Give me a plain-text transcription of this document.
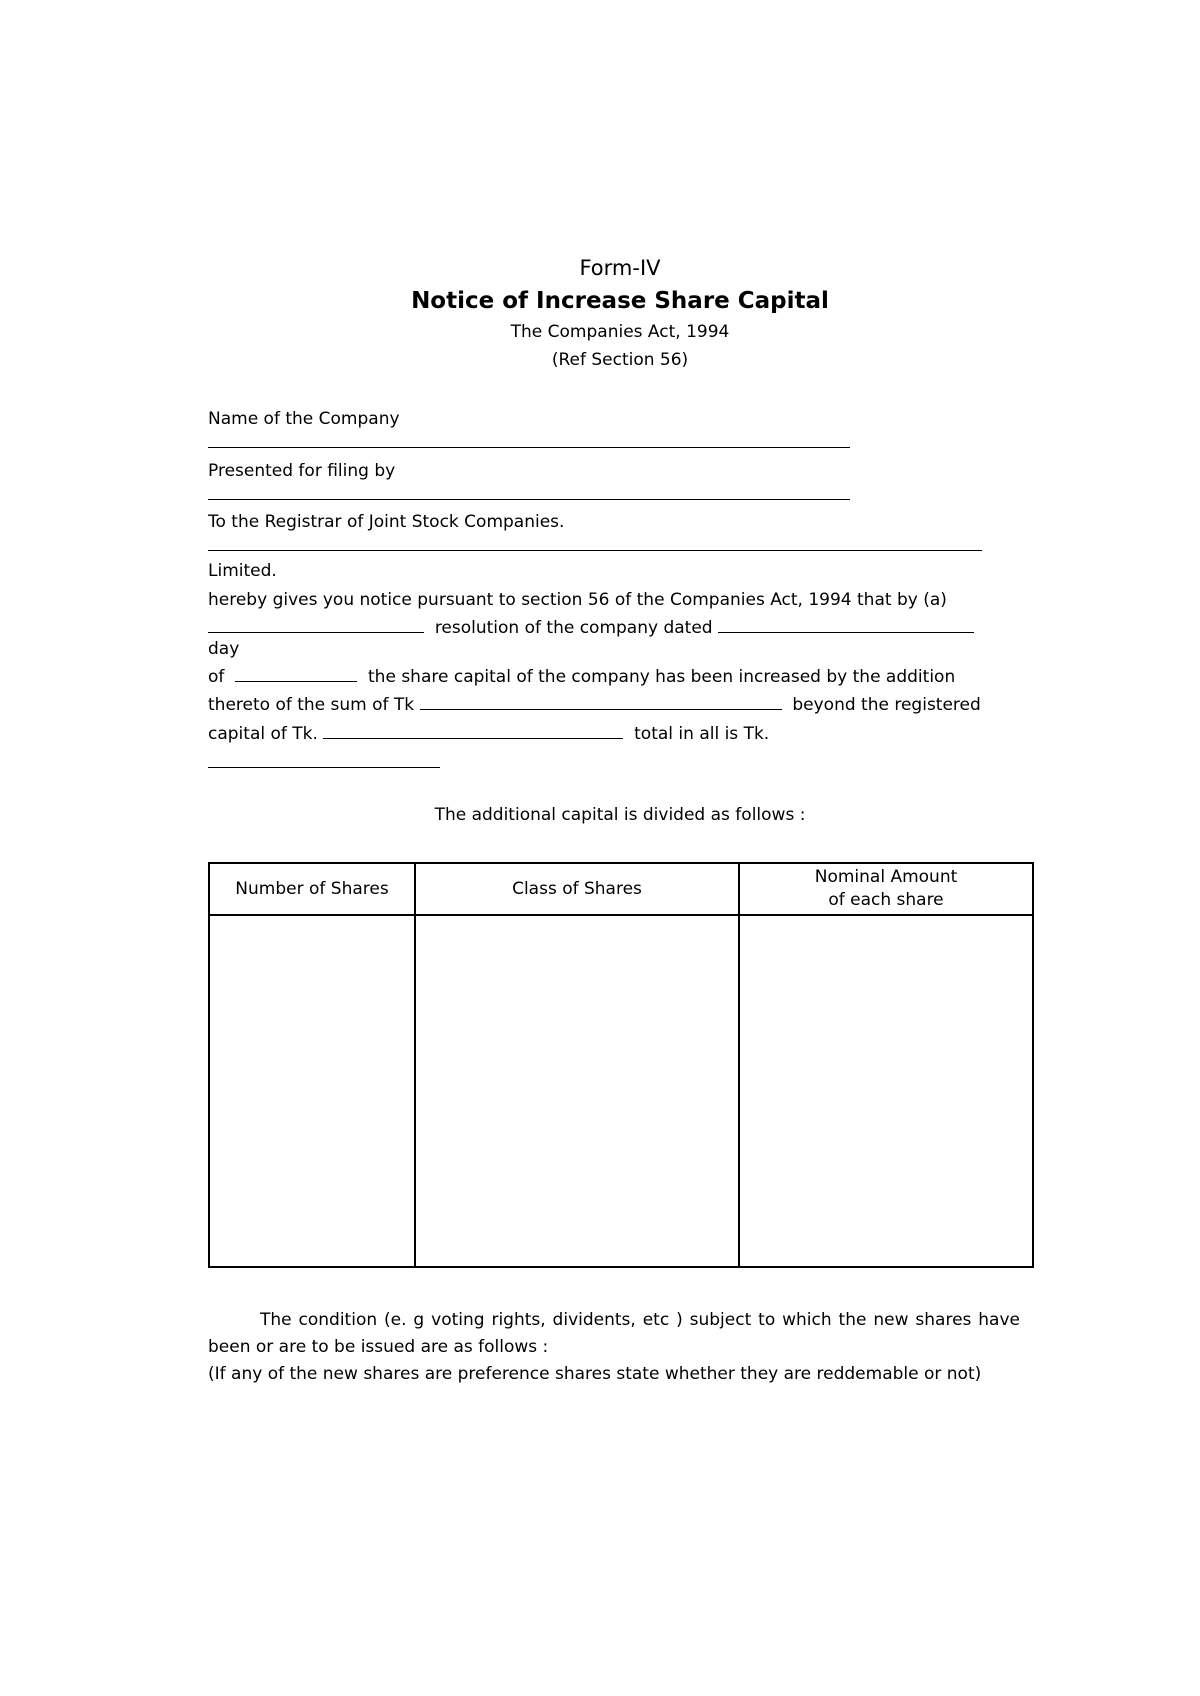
Form-IV
Notice of Increase Share Capital
The Companies Act, 1994
(Ref Section 56)
Name of the Company
Presented for filing by
To the Registrar of Joint Stock Companies.
Limited.
hereby gives you notice pursuant to section 56 of the Companies Act, 1994 that by (a)
resolution of the company dated
day
of	the share capital of the company has been increased by the addition
thereto of the sum of Tk	beyond the registered
capital of Tk.	total in all is Tk.
The additional capital is divided as follows :
Number of Shares	Class of Shares	Nominal Amount
of each share

The condition (e. g voting rights, dividents, etc ) subject to which the new shares have been or are to be issued are as follows :
(If any of the new shares are preference shares state whether they are reddemable or not)
